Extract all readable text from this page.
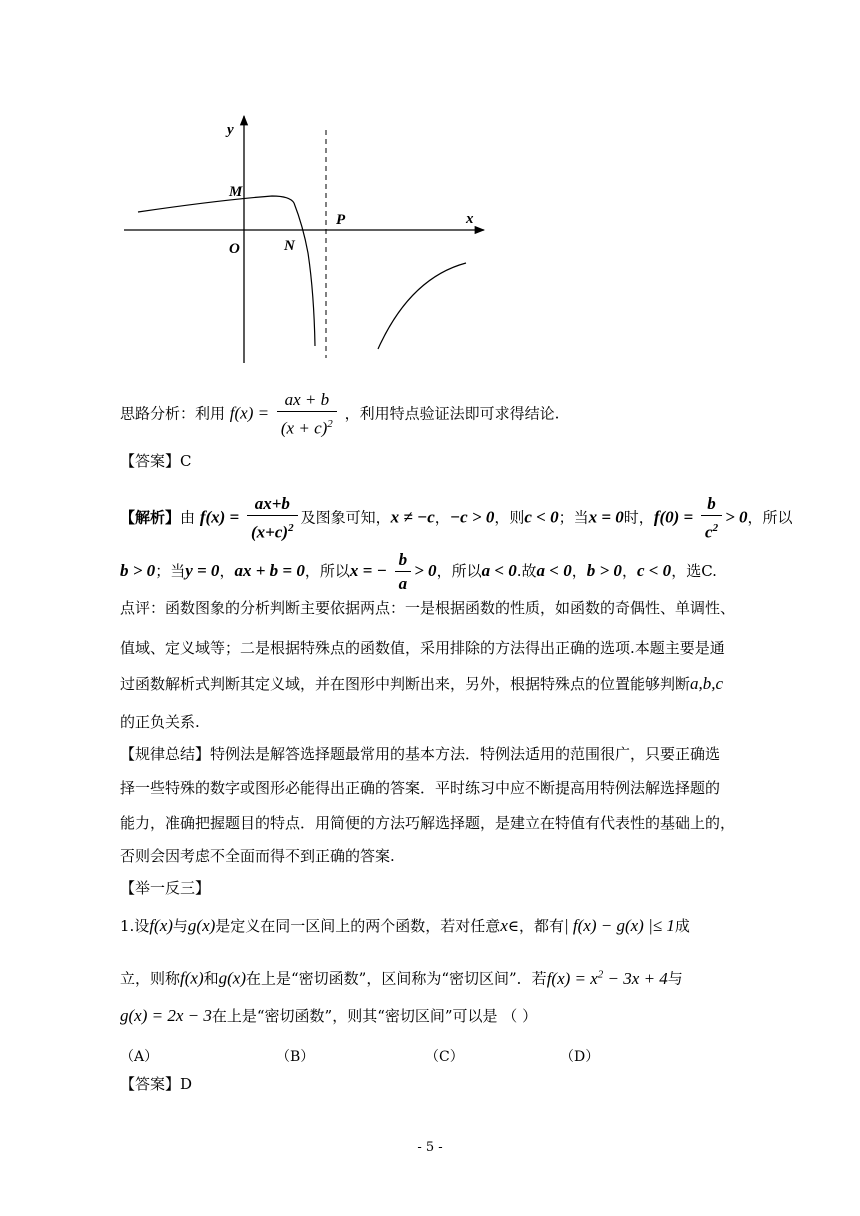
y
x
M
O	N
P
思路分析：利用 $f(x) = \frac{ax + b}{(x + c)^2}$ ，利用特点验证法即可求得结论.
【答案】C
【解析】由 $f(x) = \frac{ax+b}{(x+c)^2}$ 及图象可知，x ≠ −c，−c > 0，则c < 0；当x = 0时，$f(0) = \frac{b}{c^2} > 0$，所以
b > 0；当y = 0，ax + b = 0，所以x = − $\frac{b}{a} > 0$，所以a < 0.故a < 0，b > 0，c < 0，选C.
点评：函数图象的分析判断主要依据两点：一是根据函数的性质，如函数的奇偶性、单调性、
值域、定义域等；二是根据特殊点的函数值，采用排除的方法得出正确的选项.本题主要是通
过函数解析式判断其定义域，并在图形中判断出来，另外，根据特殊点的位置能够判断a,b,c
的正负关系.
【规律总结】特例法是解答选择题最常用的基本方法．特例法适用的范围很广，只要正确选
择一些特殊的数字或图形必能得出正确的答案．平时练习中应不断提高用特例法解选择题的
能力，准确把握题目的特点．用简便的方法巧解选择题，是建立在特值有代表性的基础上的，
否则会因考虑不全面而得不到正确的答案.
【举一反三】
1.设f(x)与g(x)是定义在同一区间上的两个函数，若对任意x∈，都有| f(x) − g(x) |≤ 1成
立，则称f(x)和g(x)在上是“密切函数”，区间称为“密切区间”．若$f(x) = x^2 - 3x + 4$与
g(x) = 2x − 3在上是“密切函数”，则其“密切区间”可以是 （ ）
（A）	（B）	（C）	（D）
【答案】D
- 5 -
